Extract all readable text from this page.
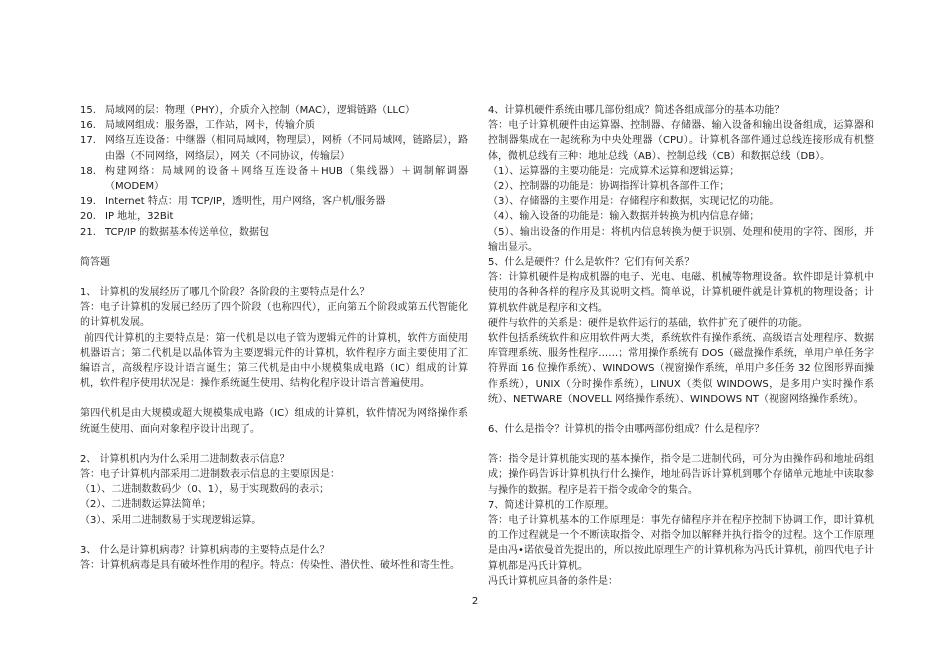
15. 局域网的层：物理（PHY），介质介入控制（MAC），逻辑链路（LLC）
16. 局域网组成：服务器，工作站，网卡，传输介质
17. 网络互连设备：中继器（相同局域网，物理层），网桥（不同局域网，链路层），路由器（不同网络，网络层），网关（不同协议，传输层）
18. 构建网络：局域网的设备＋网络互连设备＋HUB（集线器）＋调制解调器（MODEM）
19. Internet 特点：用 TCP/IP，透明性，用户网络，客户机/服务器
20. IP 地址，32Bit
21. TCP/IP 的数据基本传送单位，数据包

简答题

1、 计算机的发展经历了哪几个阶段？各阶段的主要特点是什么？

答：电子计算机的发展已经历了四个阶段（也称四代），正向第五个阶段或第五代智能化的计算机发展。

前四代计算机的主要特点是：第一代机是以电子管为逻辑元件的计算机，软件方面使用机器语言；第二代机是以晶体管为主要逻辑元件的计算机，软件程序方面主要使用了汇编语言，高级程序设计语言诞生；第三代机是由中小规模集成电路（IC）组成的计算机，软件程序使用状况是：操作系统诞生使用、结构化程序设计语言普遍使用。

第四代机是由大规模或超大规模集成电路（IC）组成的计算机，软件情况为网络操作系统诞生使用、面向对象程序设计出现了。

2、 计算机机内为什么采用二进制数表示信息？

答：电子计算机内部采用二进制数表示信息的主要原因是：

（1）、二进制数数码少（0、1），易于实现数码的表示；

（2）、二进制数运算法简单；

（3）、采用二进制数易于实现逻辑运算。

3、 什么是计算机病毒？计算机病毒的主要特点是什么？

答：计算机病毒是具有破坏性作用的程序。特点：传染性、潜伏性、破坏性和寄生性。

4、计算机硬件系统由哪几部份组成？简述各组成部分的基本功能？

答：电子计算机硬件由运算器、控制器、存储器、输入设备和输出设备组成，运算器和控制器集成在一起统称为中央处理器（CPU）。计算机各部件通过总线连接形成有机整体，微机总线有三种：地址总线（AB）、控制总线（CB）和数据总线（DB）。

（1）、运算器的主要功能是：完成算术运算和逻辑运算；

（2）、控制器的功能是：协调指挥计算机各部件工作；

（3）、存储器的主要作用是：存储程序和数据，实现记忆的功能。

（4）、输入设备的功能是：输入数据并转换为机内信息存储；

（5）、输出设备的作用是：将机内信息转换为便于识别、处理和使用的字符、图形，并输出显示。

5、什么是硬件？什么是软件？它们有何关系？

答：计算机硬件是构成机器的电子、光电、电磁、机械等物理设备。软件即是计算机中使用的各种各样的程序及其说明文档。简单说，计算机硬件就是计算机的物理设备；计算机软件就是程序和文档。

硬件与软件的关系是：硬件是软件运行的基础，软件扩充了硬件的功能。

软件包括系统软件和应用软件两大类，系统软件有操作系统、高级语言处理程序、数据库管理系统、服务性程序……；常用操作系统有 DOS（磁盘操作系统，单用户单任务字符界面 16 位操作系统）、WINDOWS（视窗操作系统，单用户多任务 32 位图形界面操作系统），UNIX（分时操作系统），LINUX（类似 WINDOWS，是多用户实时操作系统）、NETWARE（NOVELL 网络操作系统）、WINDOWS NT（视窗网络操作系统）。

6、什么是指令？计算机的指令由哪两部份组成？什么是程序？

答：指令是计算机能实现的基本操作，指令是二进制代码，可分为由操作码和地址码组成；操作码告诉计算机执行什么操作，地址码告诉计算机到哪个存储单元地址中读取参与操作的数据。程序是若干指令或命令的集合。

7、简述计算机的工作原理。

答：电子计算机基本的工作原理是：事先存储程序并在程序控制下协调工作，即计算机的工作过程就是一个不断读取指令、对指令加以解释并执行指令的过程。这个工作原理是由冯•诺依曼首先提出的，所以按此原理生产的计算机称为冯氏计算机，前四代电子计算机都是冯氏计算机。

冯氏计算机应具备的条件是：

2
